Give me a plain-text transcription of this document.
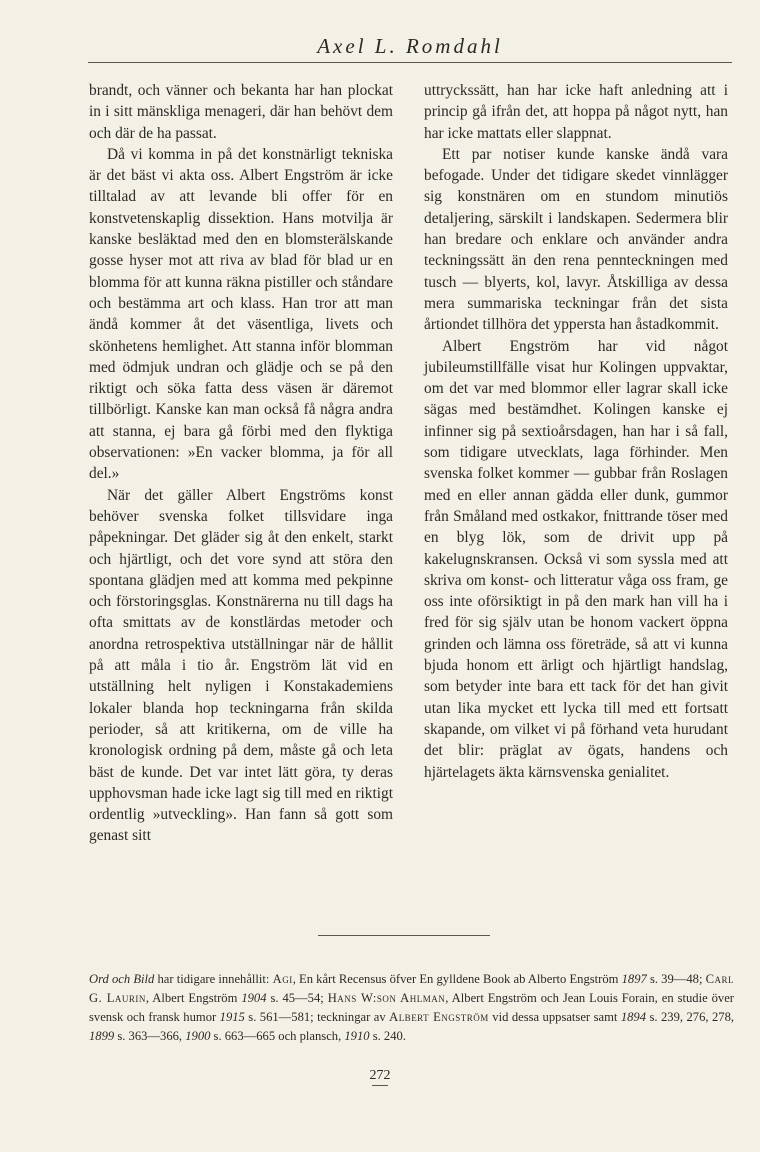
Axel L. Romdahl

brandt, och vänner och bekanta har han plockat in i sitt mänskliga menageri, där han behövt dem och där de ha passat.

Då vi komma in på det konstnärligt tekniska är det bäst vi akta oss. Albert Engström är icke tilltalad av att levande bli offer för en konstvetenskaplig dissektion. Hans motvilja är kanske besläktad med den en blomsterälskande gosse hyser mot att riva av blad för blad ur en blomma för att kunna räkna pistiller och ståndare och bestämma art och klass. Han tror att man ändå kommer åt det väsentliga, livets och skönhetens hemlighet. Att stanna inför blomman med ödmjuk undran och glädje och se på den riktigt och söka fatta dess väsen är däremot tillbörligt. Kanske kan man också få några andra att stanna, ej bara gå förbi med den flyktiga observationen: »En vacker blomma, ja för all del.»

När det gäller Albert Engströms konst behöver svenska folket tillsvidare inga påpekningar. Det gläder sig åt den enkelt, starkt och hjärtligt, och det vore synd att störa den spontana glädjen med att komma med pekpinne och förstoringsglas. Konstnärerna nu till dags ha ofta smittats av de konstlärdas metoder och anordna retrospektiva utställningar när de hållit på att måla i tio år. Engström lät vid en utställning helt nyligen i Konstakademiens lokaler blanda hop teckningarna från skilda perioder, så att kritikerna, om de ville ha kronologisk ordning på dem, måste gå och leta bäst de kunde. Det var intet lätt göra, ty deras upphovsman hade icke lagt sig till med en riktigt ordentlig »utveckling». Han fann så gott som genast sitt

uttryckssätt, han har icke haft anledning att i princip gå ifrån det, att hoppa på något nytt, han har icke mattats eller slappnat.

Ett par notiser kunde kanske ändå vara befogade. Under det tidigare skedet vinnlägger sig konstnären om en stundom minutiös detaljering, särskilt i landskapen. Sedermera blir han bredare och enklare och använder andra teckningssätt än den rena pennteckningen med tusch — blyerts, kol, lavyr. Åtskilliga av dessa mera summariska teckningar från det sista årtiondet tillhöra det yppersta han åstadkommit.

Albert Engström har vid något jubileumstillfälle visat hur Kolingen uppvaktar, om det var med blommor eller lagrar skall icke sägas med bestämdhet. Kolingen kanske ej infinner sig på sextioårsdagen, han har i så fall, som tidigare utvecklats, laga förhinder. Men svenska folket kommer — gubbar från Roslagen med en eller annan gädda eller dunk, gummor från Småland med ostkakor, fnittrande töser med en blyg lök, som de drivit upp på kakelugnskransen. Också vi som syssla med att skriva om konst- och litteratur våga oss fram, ge oss inte oförsiktigt in på den mark han vill ha i fred för sig själv utan be honom vackert öppna grinden och lämna oss företräde, så att vi kunna bjuda honom ett ärligt och hjärtligt handslag, som betyder inte bara ett tack för det han givit utan lika mycket ett lycka till med ett fortsatt skapande, om vilket vi på förhand veta hurudant det blir: präglat av ögats, handens och hjärtelagets äkta kärnsvenska genialitet.

Ord och Bild har tidigare innehållit: Agi, En kårt Recensus öfver En gylldene Book ab Alberto Engström 1897 s. 39—48; Carl G. Laurin, Albert Engström 1904 s. 45—54; Hans W:son Ahlman, Albert Engström och Jean Louis Forain, en studie över svensk och fransk humor 1915 s. 561—581; teckningar av Albert Engström vid dessa uppsatser samt 1894 s. 239, 276, 278, 1899 s. 363—366, 1900 s. 663—665 och plansch, 1910 s. 240.
272
